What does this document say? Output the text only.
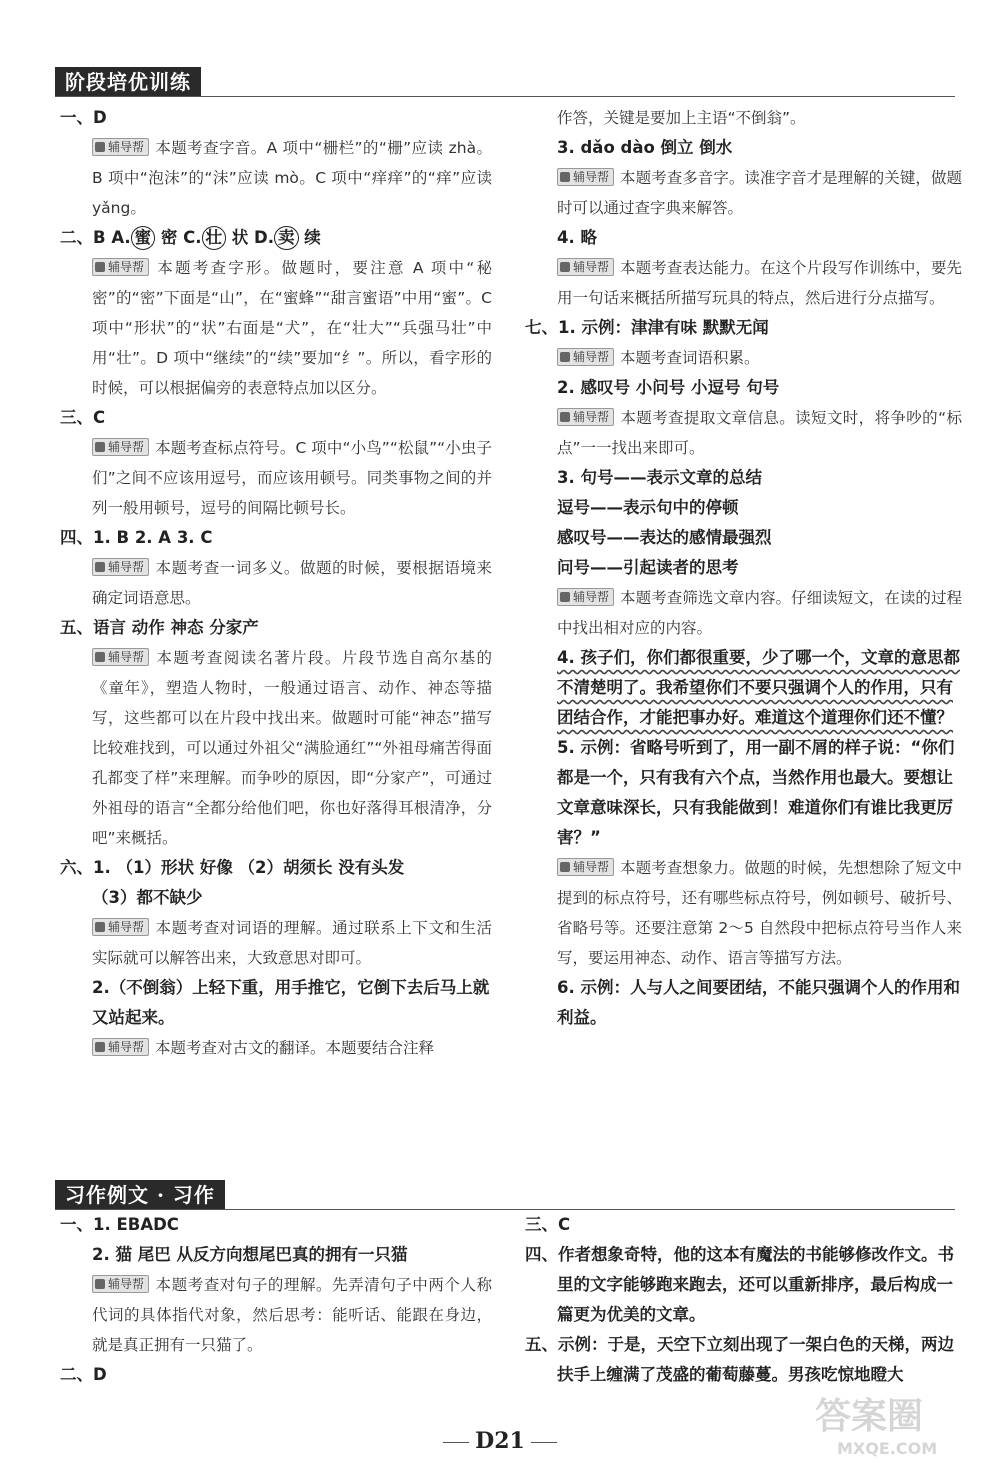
阶段培优训练
一、D
辅导帮 本题考查字音。A 项中“栅栏”的“栅”应读 zhà。B 项中“泡沫”的“沫”应读 mò。C 项中“痒痒”的“痒”应读 yǎng。
二、B A. 蜜 密 C. 壮 状 D. 卖 续
辅导帮 本题考查字形。做题时，要注意 A 项中“秘密”的“密”下面是“山”，在“蜜蜂”“甜言蜜语”中用“蜜”。C 项中“形状”的“状”右面是“犬”，在“壮大”“兵强马壮”中用“壮”。D 项中“继续”的“续”要加“纟”。所以，看字形的时候，可以根据偏旁的表意特点加以区分。
三、C
辅导帮 本题考查标点符号。C 项中“小鸟”“松鼠”“小虫子们”之间不应该用逗号，而应该用顿号。同类事物之间的并列一般用顿号，逗号的间隔比顿号长。
四、1. B 2. A 3. C
辅导帮 本题考查一词多义。做题的时候，要根据语境来确定词语意思。
五、语言 动作 神态 分家产
辅导帮 本题考查阅读名著片段。片段节选自高尔基的《童年》，塑造人物时，一般通过语言、动作、神态等描写，这些都可以在片段中找出来。做题时可能“神态”描写比较难找到，可以通过外祖父“满脸通红”“外祖母痛苦得面孔都变了样”来理解。而争吵的原因，即“分家产”，可通过外祖母的语言“全都分给他们吧，你也好落得耳根清净，分吧”来概括。
六、1. （1）形状 好像 （2）胡须长 没有头发
（3）都不缺少
辅导帮 本题考查对词语的理解。通过联系上下文和生活实际就可以解答出来，大致意思对即可。
2.（不倒翁）上轻下重，用手推它，它倒下去后马上就又站起来。
辅导帮 本题考查对古文的翻译。本题要结合注释
作答，关键是要加上主语“不倒翁”。
3. dǎo dào 倒立 倒水
辅导帮 本题考查多音字。读准字音才是理解的关键，做题时可以通过查字典来解答。
4. 略
辅导帮 本题考查表达能力。在这个片段写作训练中，要先用一句话来概括所描写玩具的特点，然后进行分点描写。
七、1. 示例：津津有味 默默无闻
辅导帮 本题考查词语积累。
2. 感叹号 小问号 小逗号 句号
辅导帮 本题考查提取文章信息。读短文时，将争吵的“标点”一一找出来即可。
3. 句号——表示文章的总结
逗号——表示句中的停顿
感叹号——表达的感情最强烈
问号——引起读者的思考
辅导帮 本题考查筛选文章内容。仔细读短文，在读的过程中找出相对应的内容。
4. 孩子们，你们都很重要，少了哪一个，文章的意思都不清楚明了。我希望你们不要只强调个人的作用，只有团结合作，才能把事办好。难道这个道理你们还不懂？
5. 示例：省略号听到了，用一副不屑的样子说：“你们都是一个，只有我有六个点，当然作用也最大。要想让文章意味深长，只有我能做到！难道你们有谁比我更厉害？”
辅导帮 本题考查想象力。做题的时候，先想想除了短文中提到的标点符号，还有哪些标点符号，例如顿号、破折号、省略号等。还要注意第 2～5 自然段中把标点符号当作人来写，要运用神态、动作、语言等描写方法。
6. 示例：人与人之间要团结，不能只强调个人的作用和利益。
习作例文 · 习作
一、1. EBADC
2. 猫 尾巴 从反方向想尾巴真的拥有一只猫
辅导帮 本题考查对句子的理解。先弄清句子中两个人称代词的具体指代对象，然后思考：能听话、能跟在身边，就是真正拥有一只猫了。
二、D
三、C
四、作者想象奇特，他的这本有魔法的书能够修改作文。书里的文字能够跑来跑去，还可以重新排序，最后构成一篇更为优美的文章。
五、示例：于是，天空下立刻出现了一架白色的天梯，两边扶手上缠满了茂盛的葡萄藤蔓。男孩吃惊地瞪大
D21
答案圈
MXQE.COM
